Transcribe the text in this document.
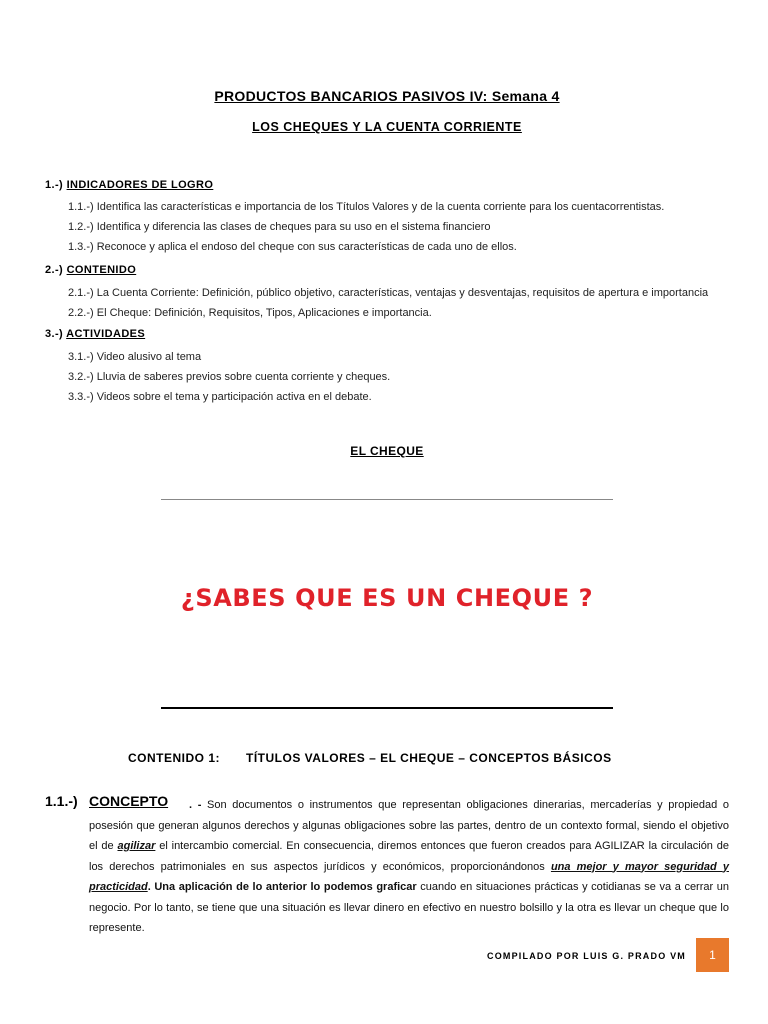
PRODUCTOS BANCARIOS PASIVOS IV: Semana 4
LOS CHEQUES Y LA CUENTA CORRIENTE
1.-) INDICADORES DE LOGRO
1.1.-) Identifica las características e importancia de los Títulos Valores y de la cuenta corriente para los cuentacorrentistas.
1.2.-) Identifica y diferencia las clases de cheques para su uso en el sistema financiero
1.3.-) Reconoce y aplica el endoso del cheque con sus características de cada uno de ellos.
2.-) CONTENIDO
2.1.-) La Cuenta Corriente: Definición, público objetivo, características, ventajas y desventajas, requisitos de apertura e importancia
2.2.-) El Cheque: Definición, Requisitos, Tipos, Aplicaciones e importancia.
3.-) ACTIVIDADES
3.1.-) Video alusivo al tema
3.2.-) Lluvia de saberes previos sobre cuenta corriente y cheques.
3.3.-) Videos sobre el tema y participación activa en el debate.
EL CHEQUE
¿SABES QUE ES UN CHEQUE ?
CONTENIDO 1: TÍTULOS VALORES – EL CHEQUE – CONCEPTOS BÁSICOS
1.1.-)	. - Son documentos o instrumentos que representan obligaciones dinerarias, mercaderías y propiedad o posesión que generan algunos derechos y algunas obligaciones sobre las partes, dentro de un contexto formal, siendo el objetivo el de agilizar el intercambio comercial. En consecuencia, diremos entonces que fueron creados para AGILIZAR la circulación de los derechos patrimoniales en sus aspectos jurídicos y económicos, proporcionándonos una mejor y mayor seguridad y practicidad. Una aplicación de lo anterior lo podemos graficar cuando en situaciones prácticas y cotidianas se va a cerrar un negocio. Por lo tanto, se tiene que una situación es llevar dinero en efectivo en nuestro bolsillo y la otra es llevar un cheque que lo represente.
CONCEPTO
COMPILADO POR LUIS G. PRADO VM	1
